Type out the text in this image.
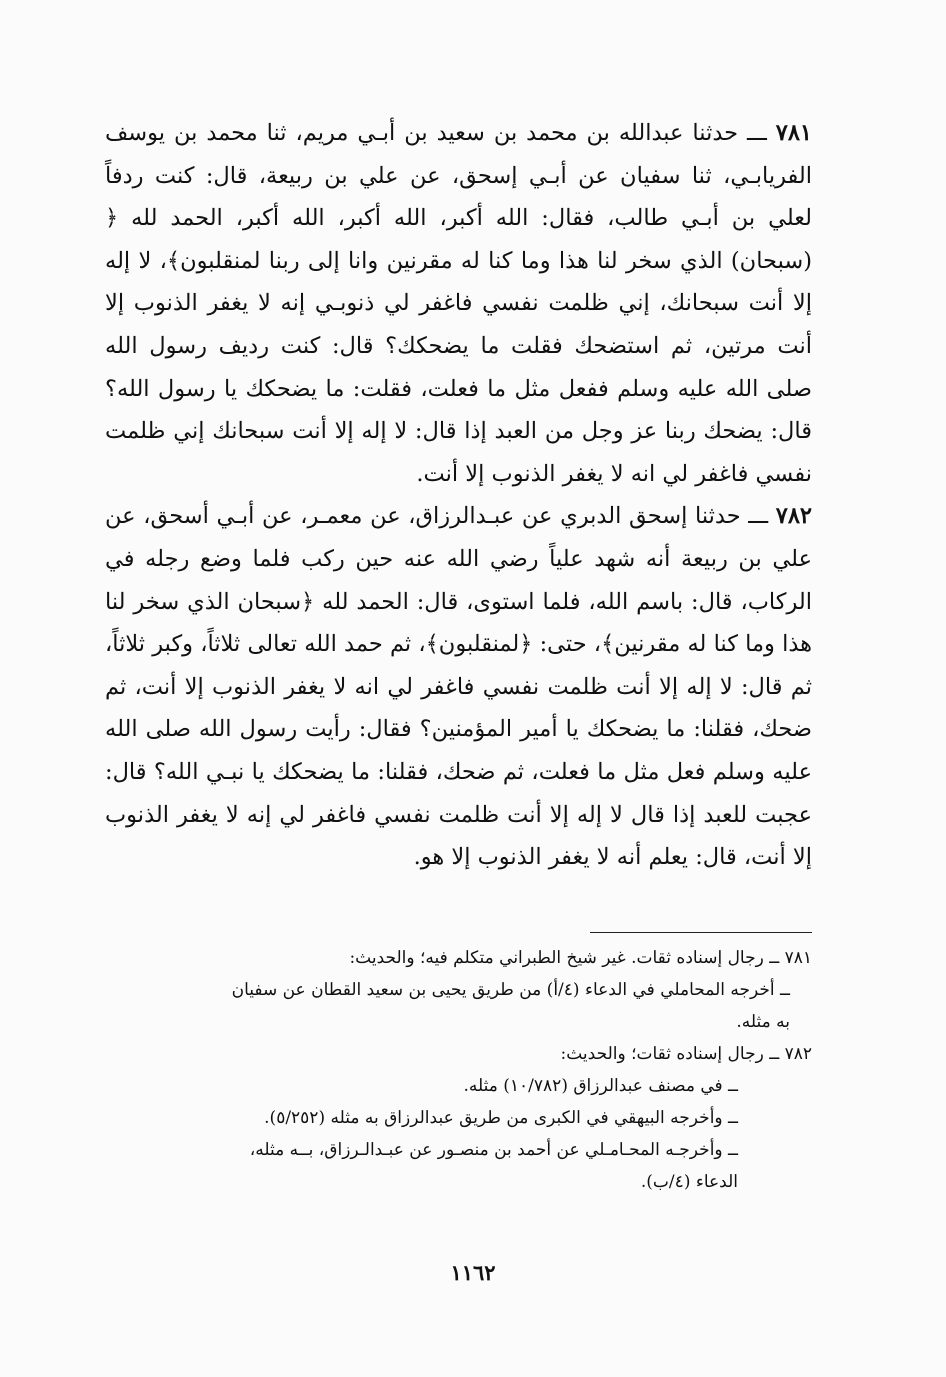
٧٨١ ـــ حدثنا عبدالله بن محمد بن سعيد بن أبـي مريم، ثنا محمد بن يوسف الفريابـي، ثنا سفيان عن أبـي إسحق، عن علي بن ربيعة، قال: كنت ردفاً لعلي بن أبـي طالب، فقال: الله أكبر، الله أكبر، الله أكبر، الحمد لله ﴿ (سبحان) الذي سخر لنا هذا وما كنا له مقرنين وانا إلى ربنا لمنقلبون﴾، لا إله إلا أنت سبحانك، إني ظلمت نفسي فاغفر لي ذنوبـي إنه لا يغفر الذنوب إلا أنت مرتين، ثم استضحك فقلت ما يضحكك؟ قال: كنت رديف رسول الله صلى الله عليه وسلم ففعل مثل ما فعلت، فقلت: ما يضحكك يا رسول الله؟ قال: يضحك ربنا عز وجل من العبد إذا قال: لا إله إلا أنت سبحانك إني ظلمت نفسي فاغفر لي انه لا يغفر الذنوب إلا أنت.

٧٨٢ ـــ حدثنا إسحق الدبري عن عبـدالرزاق، عن معمـر، عن أبـي أسحق، عن علي بن ربيعة أنه شهد علياً رضي الله عنه حين ركب فلما وضع رجله في الركاب، قال: باسم الله، فلما استوى، قال: الحمد لله ﴿سبحان الذي سخر لنا هذا وما كنا له مقرنين﴾، حتى: ﴿لمنقلبون﴾، ثم حمد الله تعالى ثلاثاً، وكبر ثلاثاً، ثم قال: لا إله إلا أنت ظلمت نفسي فاغفر لي انه لا يغفر الذنوب إلا أنت، ثم ضحك، فقلنا: ما يضحكك يا أمير المؤمنين؟ فقال: رأيت رسول الله صلى الله عليه وسلم فعل مثل ما فعلت، ثم ضحك، فقلنا: ما يضحكك يا نبـي الله؟ قال: عجبت للعبد إذا قال لا إله إلا أنت ظلمت نفسي فاغفر لي إنه لا يغفر الذنوب إلا أنت، قال: يعلم أنه لا يغفر الذنوب إلا هو.

٧٨١ ــ رجال إسناده ثقات. غير شيخ الطبراني متكلم فيه؛ والحديث:
ــ أخرجه المحاملي في الدعاء (٤/أ) من طريق يحيى بن سعيد القطان عن سفيان
به مثله.
٧٨٢ ــ رجال إسناده ثقات؛ والحديث:
ــ في مصنف عبدالرزاق (١٠/٧٨٢) مثله.
ــ وأخرجه البيهقي في الكبرى من طريق عبدالرزاق به مثله (٥/٢٥٢).
ــ وأخرجـه المحـامـلي عن أحمد بن منصـور عن عبـدالـرزاق، بــه مثله،
الدعاء (٤/ب).
١١٦٢
